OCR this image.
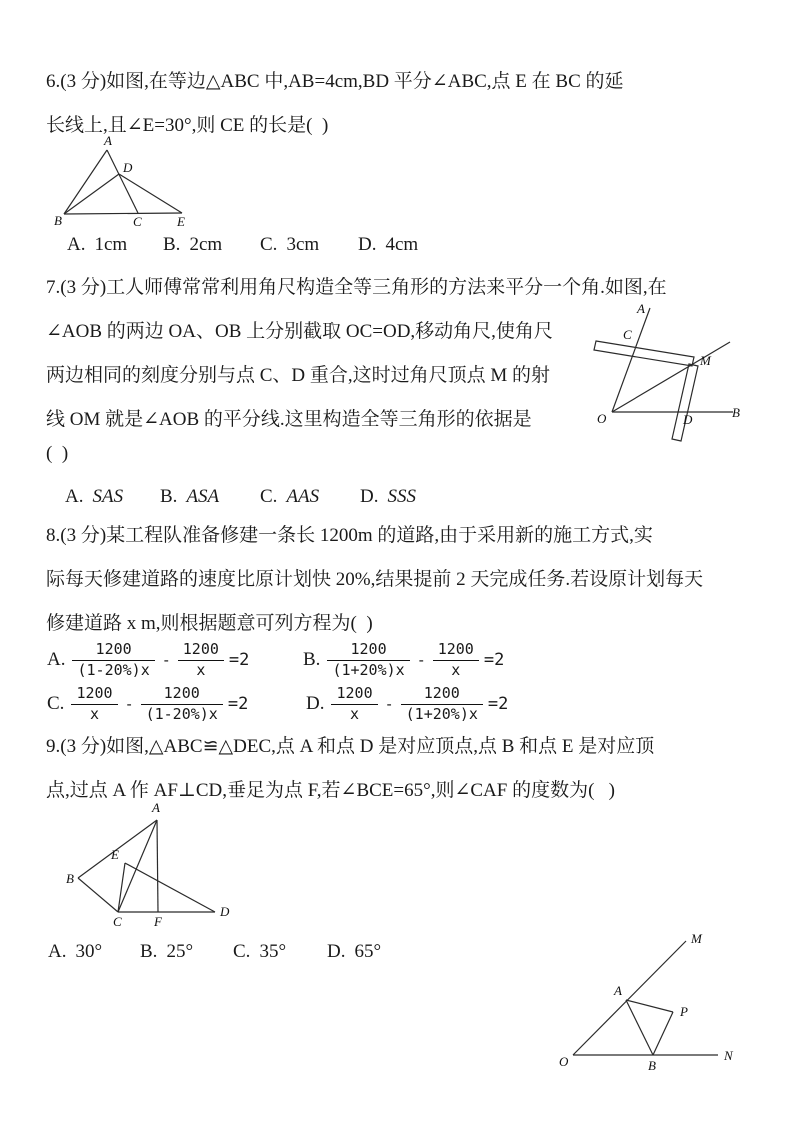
6.(3 分)如图,在等边△ABC 中,AB=4cm,BD 平分∠ABC,点 E 在 BC 的延
长线上,且∠E=30°,则 CE 的长是(  )
A
B	C
D
E
A. 1cm B. 2cm C. 3cm D. 4cm
7.(3 分)工人师傅常常利用角尺构造全等三角形的方法来平分一个角.如图,在
∠AOB 的两边 OA、OB 上分别截取 OC=OD,移动角尺,使角尺
两边相同的刻度分别与点 C、D 重合,这时过角尺顶点 M 的射
线 OM 就是∠AOB 的平分线.这里构造全等三角形的依据是
(  )
A
C
M
O	D	B
A. SAS B. ASA C. AAS D. SSS
8.(3 分)某工程队准备修建一条长 1200m 的道路,由于采用新的施工方式,实
际每天修建道路的速度比原计划快 20%,结果提前 2 天完成任务.若设原计划每天
修建道路 x m,则根据题意可列方程为(  )
A. $\frac{1200}{(1-20\%)x} - \frac{1200}{x} =2$	B. $\frac{1200}{(1+20\%)x} - \frac{1200}{x} =2$
C. $\frac{1200}{x} - \frac{1200}{(1-20\%)x} =2$	D. $\frac{1200}{x} - \frac{1200}{(1+20\%)x} =2$
9.(3 分)如图,△ABC≌△DEC,点 A 和点 D 是对应顶点,点 B 和点 E 是对应顶
点,过点 A 作 AF⊥CD,垂足为点 F,若∠BCE=65°,则∠CAF 的度数为(   )
A
B
C
D
E
F
A. 30° B. 25° C. 35° D. 65°
M
A
P
O	B
N
